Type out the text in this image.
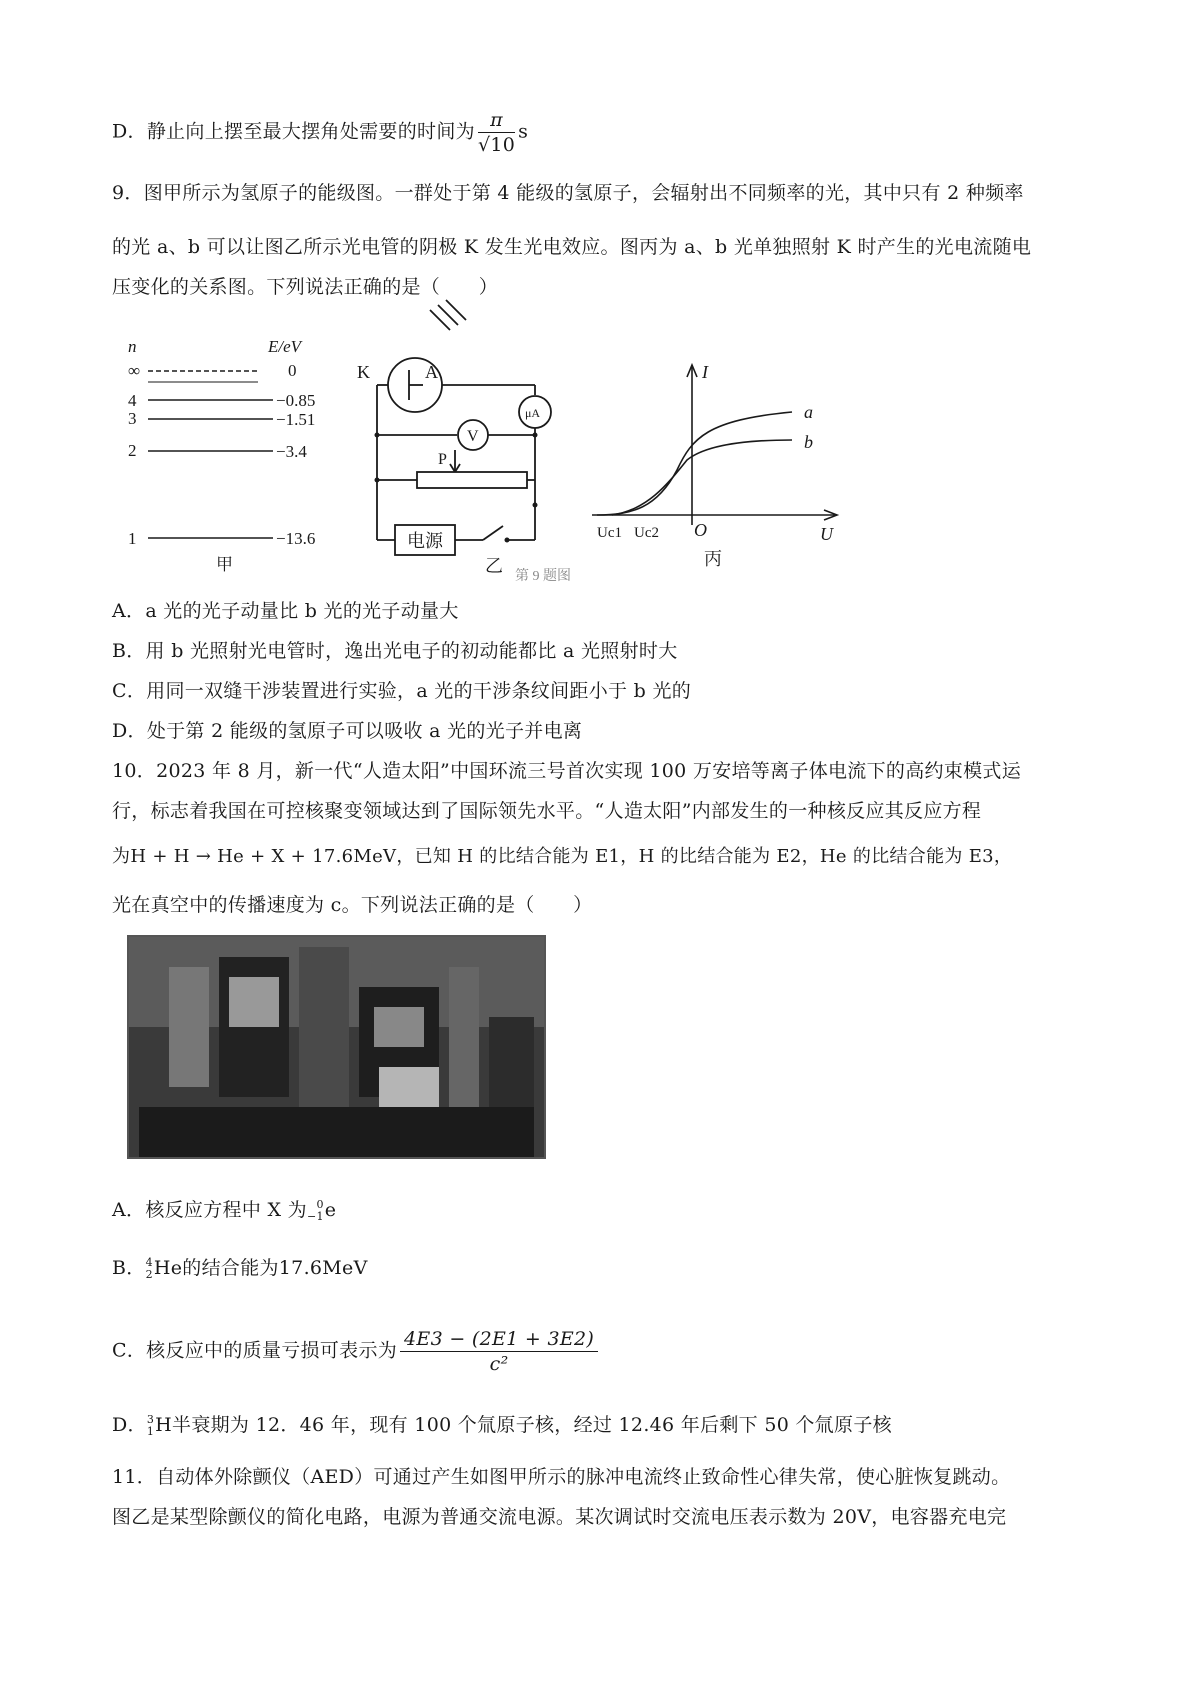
D．静止向上摆至最大摆角处需要的时间为 $\frac{\pi}{√10}$ s
9．图甲所示为氢原子的能级图。一群处于第 4 能级的氢原子，会辐射出不同频率的光，其中只有 2 种频率
的光 a、b 可以让图乙所示光电管的阴极 K 发生光电效应。图丙为 a、b 光单独照射 K 时产生的光电流随电
压变化的关系图。下列说法正确的是（　　）
n	E/eV
∞	0
4	−0.85
3	−1.51
2	−3.4
1	−13.6
甲
K	A
μA
V
P
电源
乙
第 9 题图
I
U
O
Uc1 Uc2
a
b
丙
A．a 光的光子动量比 b 光的光子动量大
B．用 b 光照射光电管时，逸出光电子的初动能都比 a 光照射时大
C．用同一双缝干涉装置进行实验，a 光的干涉条纹间距小于 b 光的
D．处于第 2 能级的氢原子可以吸收 a 光的光子并电离
10．2023 年 8 月，新一代“人造太阳”中国环流三号首次实现 100 万安培等离子体电流下的高约束模式运
行，标志着我国在可控核聚变领域达到了国际领先水平。“人造太阳”内部发生的一种核反应其反应方程
为H + H → He + X + 17.6MeV，已知 H 的比结合能为 E1，H 的比结合能为 E2，He 的比结合能为 E3，
光在真空中的传播速度为 c。下列说法正确的是（　　）
A．核反应方程中 X 为 0
−1 e
B． 4
2 He的结合能为17.6MeV
C．核反应中的质量亏损可表示为 $\frac{4E3 - (2E1 + 3E2)}{\text{c²}}$
D． 3
1 H半衰期为 12．46 年，现有 100 个氚原子核，经过 12.46 年后剩下 50 个氚原子核
11．自动体外除颤仪（AED）可通过产生如图甲所示的脉冲电流终止致命性心律失常，使心脏恢复跳动。
图乙是某型除颤仪的简化电路，电源为普通交流电源。某次调试时交流电压表示数为 20V，电容器充电完
